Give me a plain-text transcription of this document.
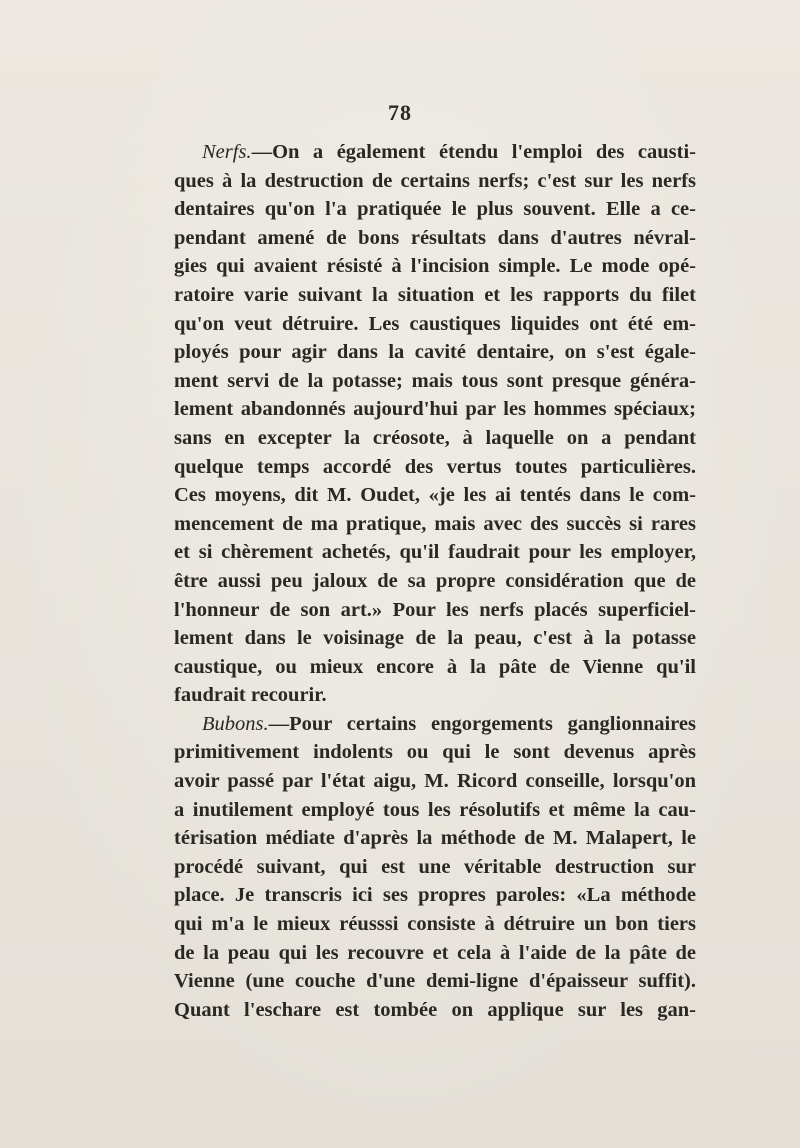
78
Nerfs.—On a également étendu l'emploi des causti-
ques à la destruction de certains nerfs; c'est sur les nerfs
dentaires qu'on l'a pratiquée le plus souvent. Elle a ce-
pendant amené de bons résultats dans d'autres névral-
gies qui avaient résisté à l'incision simple. Le mode opé-
ratoire varie suivant la situation et les rapports du filet
qu'on veut détruire. Les caustiques liquides ont été em-
ployés pour agir dans la cavité dentaire, on s'est égale-
ment servi de la potasse; mais tous sont presque généra-
lement abandonnés aujourd'hui par les hommes spéciaux;
sans en excepter la créosote, à laquelle on a pendant
quelque temps accordé des vertus toutes particulières.
Ces moyens, dit M. Oudet, «je les ai tentés dans le com-
mencement de ma pratique, mais avec des succès si rares
et si chèrement achetés, qu'il faudrait pour les employer,
être aussi peu jaloux de sa propre considération que de
l'honneur de son art.» Pour les nerfs placés superficiel-
lement dans le voisinage de la peau, c'est à la potasse
caustique, ou mieux encore à la pâte de Vienne qu'il
faudrait recourir.
Bubons.—Pour certains engorgements ganglionnaires
primitivement indolents ou qui le sont devenus après
avoir passé par l'état aigu, M. Ricord conseille, lorsqu'on
a inutilement employé tous les résolutifs et même la cau-
térisation médiate d'après la méthode de M. Malapert, le
procédé suivant, qui est une véritable destruction sur
place. Je transcris ici ses propres paroles: «La méthode
qui m'a le mieux réusssi consiste à détruire un bon tiers
de la peau qui les recouvre et cela à l'aide de la pâte de
Vienne (une couche d'une demi-ligne d'épaisseur suffit).
Quant l'eschare est tombée on applique sur les gan-
